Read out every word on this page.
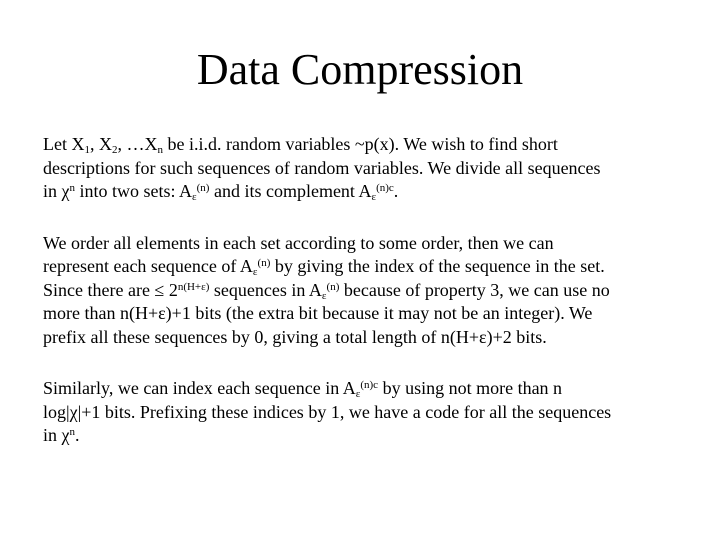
Data Compression

Let $X_1$, $X_2$, $\dots X_n$ be i.i.d. random variables ~p(x). We wish to find short
descriptions for such sequences of random variables. We divide all sequences
in $\chi^n$ into two sets: $A_\varepsilon^{(n)}$ and its complement $A_\varepsilon^{(n)c}$.

We order all elements in each set according to some order, then we can
represent each sequence of $A_\varepsilon^{(n)}$ by giving the index of the sequence in the set.
Since there are ≤ $2^{n(H+\varepsilon)}$ sequences in $A_\varepsilon^{(n)}$ because of property 3, we can use no
more than n(H+ε)+1 bits (the extra bit because it may not be an integer). We
prefix all these sequences by 0, giving a total length of n(H+ε)+2 bits.

Similarly, we can index each sequence in $A_\varepsilon^{(n)c}$ by using not more than n
log|χ|+1 bits. Prefixing these indices by 1, we have a code for all the sequences
in $\chi^n$.
